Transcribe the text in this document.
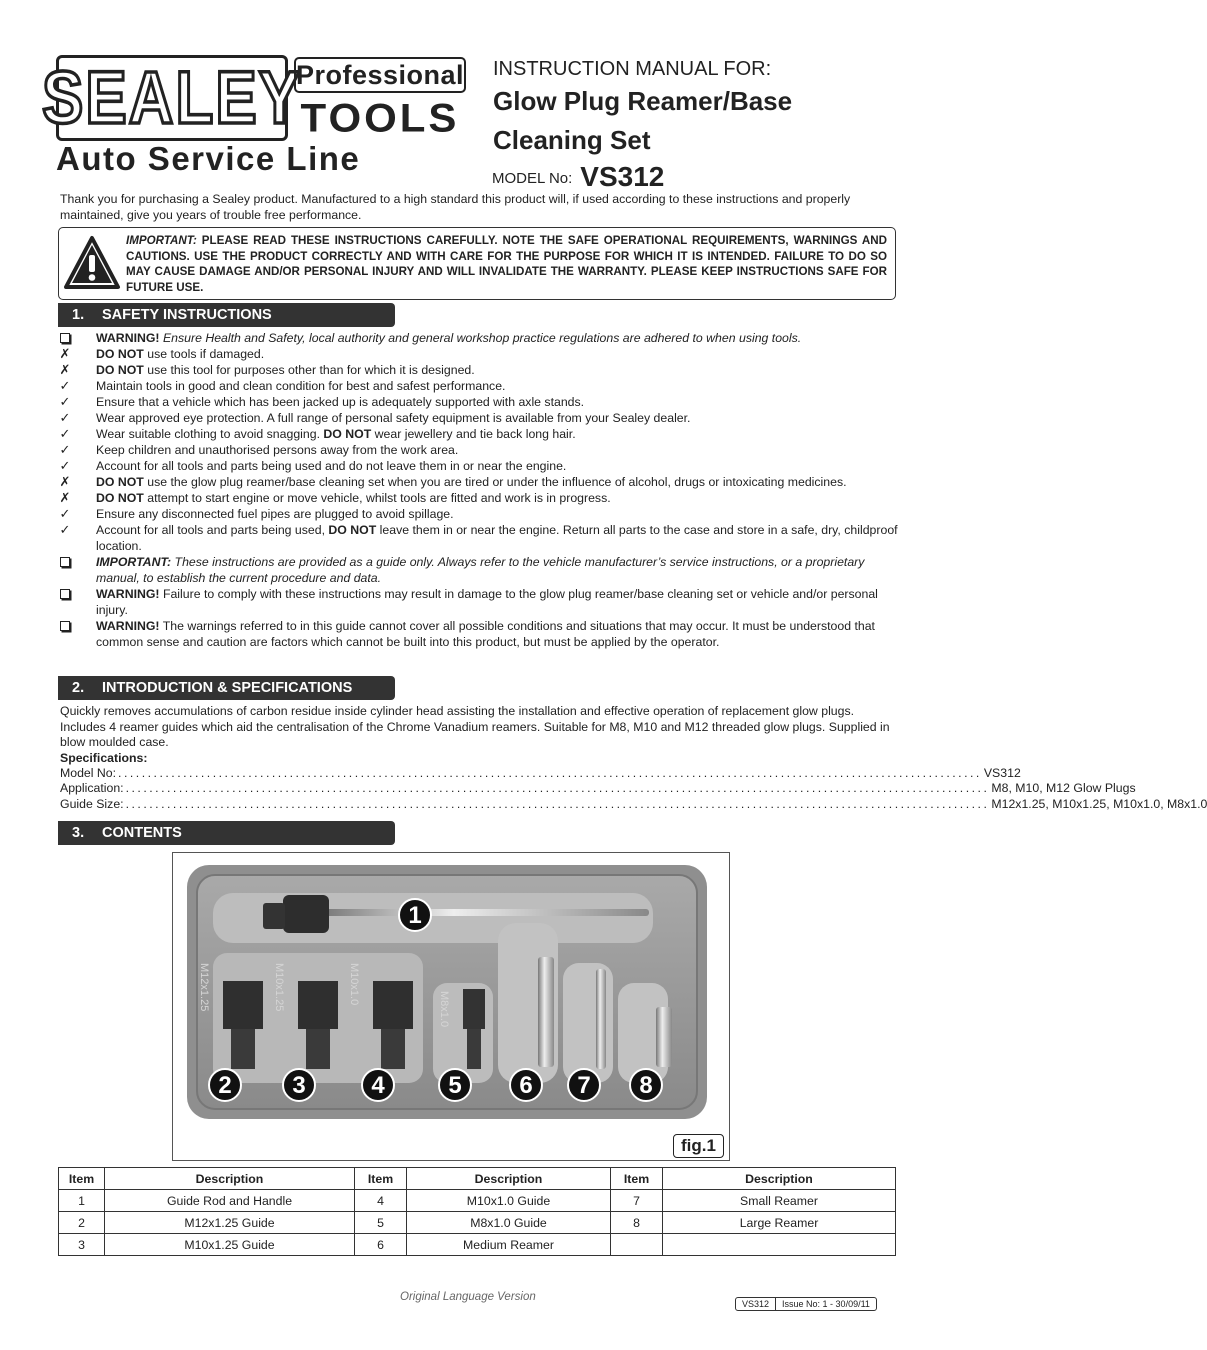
SEALEY
Professional
TOOLS
Auto Service Line
INSTRUCTION MANUAL FOR:
Glow Plug Reamer/Base Cleaning Set
MODEL No: VS312
Thank you for purchasing a Sealey product. Manufactured to a high standard this product will, if used according to these instructions and properly maintained, give you years of trouble free performance.
IMPORTANT: PLEASE READ THESE INSTRUCTIONS CAREFULLY. NOTE THE SAFE OPERATIONAL REQUIREMENTS, WARNINGS AND CAUTIONS. USE THE PRODUCT CORRECTLY AND WITH CARE FOR THE PURPOSE FOR WHICH IT IS INTENDED. FAILURE TO DO SO MAY CAUSE DAMAGE AND/OR PERSONAL INJURY AND WILL INVALIDATE THE WARRANTY. PLEASE KEEP INSTRUCTIONS SAFE FOR FUTURE USE.
1. SAFETY INSTRUCTIONS
WARNING! Ensure Health and Safety, local authority and general workshop practice regulations are adhered to when using tools.
✗ DO NOT use tools if damaged.
✗ DO NOT use this tool for purposes other than for which it is designed.
✓ Maintain tools in good and clean condition for best and safest performance.
✓ Ensure that a vehicle which has been jacked up is adequately supported with axle stands.
✓ Wear approved eye protection. A full range of personal safety equipment is available from your Sealey dealer.
✓ Wear suitable clothing to avoid snagging. DO NOT wear jewellery and tie back long hair.
✓ Keep children and unauthorised persons away from the work area.
✓ Account for all tools and parts being used and do not leave them in or near the engine.
✗ DO NOT use the glow plug reamer/base cleaning set when you are tired or under the influence of alcohol, drugs or intoxicating medicines.
✗ DO NOT attempt to start engine or move vehicle, whilst tools are fitted and work is in progress.
✓ Ensure any disconnected fuel pipes are plugged to avoid spillage.
✓ Account for all tools and parts being used, DO NOT leave them in or near the engine. Return all parts to the case and store in a safe, dry, childproof location.
IMPORTANT: These instructions are provided as a guide only. Always refer to the vehicle manufacturer’s service instructions, or a proprietary manual, to establish the current procedure and data.
WARNING! Failure to comply with these instructions may result in damage to the glow plug reamer/base cleaning set or vehicle and/or personal injury.
WARNING! The warnings referred to in this guide cannot cover all possible conditions and situations that may occur. It must be understood that common sense and caution are factors which cannot be built into this product, but must be applied by the operator.
2. INTRODUCTION & SPECIFICATIONS
Quickly removes accumulations of carbon residue inside cylinder head assisting the installation and effective operation of replacement glow plugs. Includes 4 reamer guides which aid the centralisation of the Chrome Vanadium reamers. Suitable for M8, M10 and M12 threaded glow plugs. Supplied in blow moulded case.
Specifications:
Model No: .................................................................................................................................................. VS312
Application: .................................................................................................................................................. M8, M10, M12 Glow Plugs
Guide Size: .................................................................................................................................................. M12x1.25, M10x1.25, M10x1.0, M8x1.0
3. CONTENTS
M12x1.25	M10x1.25	M10x1.0
M8x1.0
1
2	3	4	5 6 7 8
fig.1
Item	Description	Item	Description	Item	Description
1	Guide Rod and Handle	4	M10x1.0 Guide	7	Small Reamer
2	M12x1.25 Guide	5	M8x1.0 Guide	8	Large Reamer
3	M10x1.25 Guide	6	Medium Reamer		
Original Language Version
VS312	Issue No: 1 - 30/09/11
